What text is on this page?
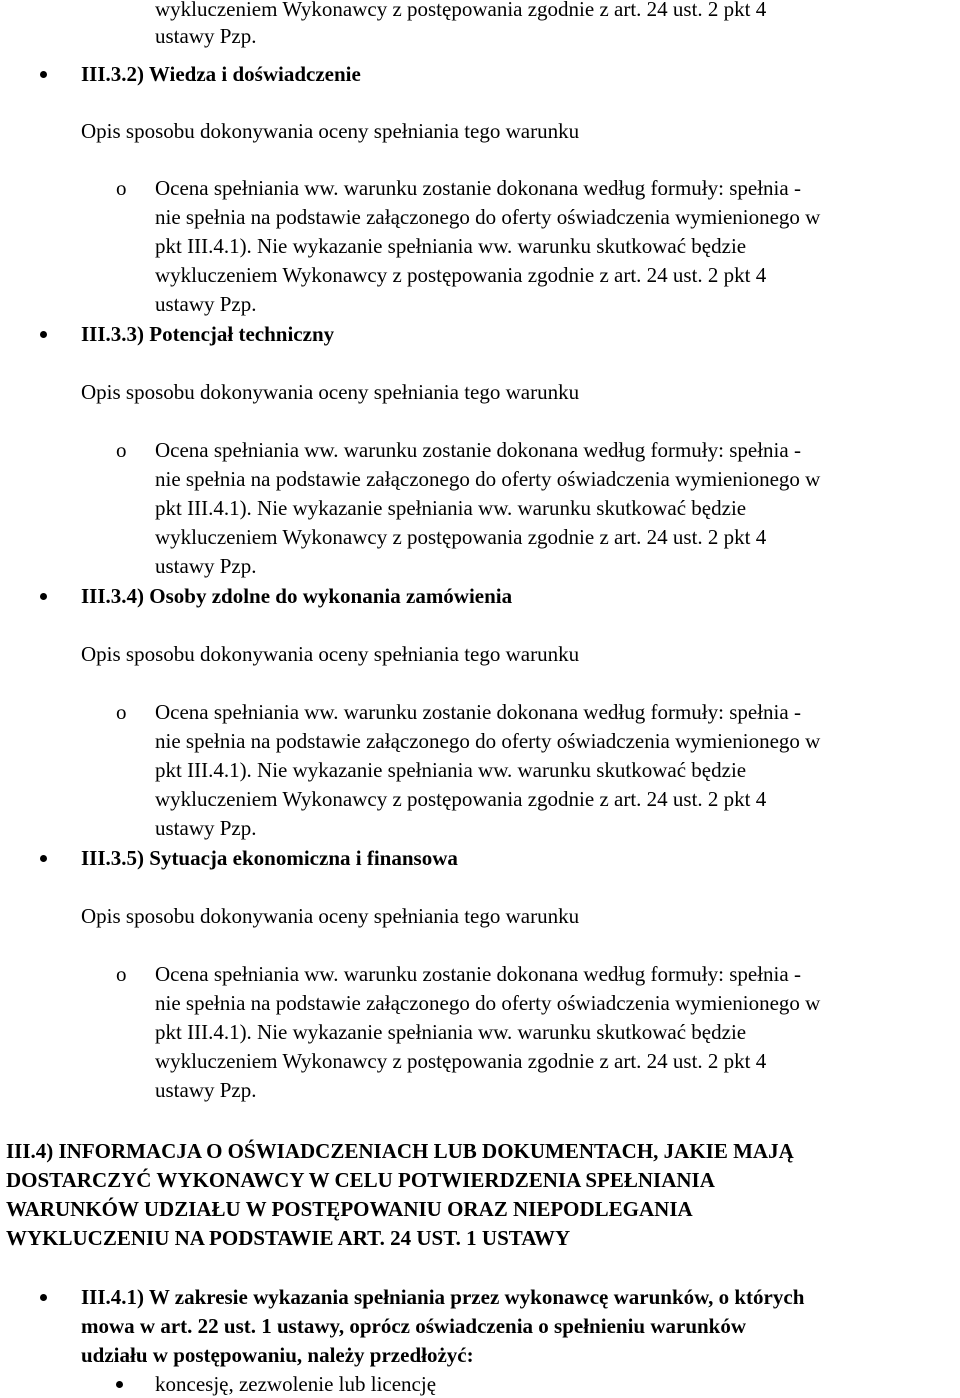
wykluczeniem Wykonawcy z postępowania zgodnie z art. 24 ust. 2 pkt 4
ustawy Pzp.
III.3.2) Wiedza i doświadczenie
Opis sposobu dokonywania oceny spełniania tego warunku
o Ocena spełniania ww. warunku zostanie dokonana według formuły: spełnia -
nie spełnia na podstawie załączonego do oferty oświadczenia wymienionego w
pkt III.4.1). Nie wykazanie spełniania ww. warunku skutkować będzie
wykluczeniem Wykonawcy z postępowania zgodnie z art. 24 ust. 2 pkt 4
ustawy Pzp.
III.3.3) Potencjał techniczny
Opis sposobu dokonywania oceny spełniania tego warunku
o Ocena spełniania ww. warunku zostanie dokonana według formuły: spełnia -
nie spełnia na podstawie załączonego do oferty oświadczenia wymienionego w
pkt III.4.1). Nie wykazanie spełniania ww. warunku skutkować będzie
wykluczeniem Wykonawcy z postępowania zgodnie z art. 24 ust. 2 pkt 4
ustawy Pzp.
III.3.4) Osoby zdolne do wykonania zamówienia
Opis sposobu dokonywania oceny spełniania tego warunku
o Ocena spełniania ww. warunku zostanie dokonana według formuły: spełnia -
nie spełnia na podstawie załączonego do oferty oświadczenia wymienionego w
pkt III.4.1). Nie wykazanie spełniania ww. warunku skutkować będzie
wykluczeniem Wykonawcy z postępowania zgodnie z art. 24 ust. 2 pkt 4
ustawy Pzp.
III.3.5) Sytuacja ekonomiczna i finansowa
Opis sposobu dokonywania oceny spełniania tego warunku
o Ocena spełniania ww. warunku zostanie dokonana według formuły: spełnia -
nie spełnia na podstawie załączonego do oferty oświadczenia wymienionego w
pkt III.4.1). Nie wykazanie spełniania ww. warunku skutkować będzie
wykluczeniem Wykonawcy z postępowania zgodnie z art. 24 ust. 2 pkt 4
ustawy Pzp.
III.4) INFORMACJA O OŚWIADCZENIACH LUB DOKUMENTACH, JAKIE MAJĄ
DOSTARCZYĆ WYKONAWCY W CELU POTWIERDZENIA SPEŁNIANIA
WARUNKÓW UDZIAŁU W POSTĘPOWANIU ORAZ NIEPODLEGANIA
WYKLUCZENIU NA PODSTAWIE ART. 24 UST. 1 USTAWY
III.4.1) W zakresie wykazania spełniania przez wykonawcę warunków, o których
mowa w art. 22 ust. 1 ustawy, oprócz oświadczenia o spełnieniu warunków
udziału w postępowaniu, należy przedłożyć:
koncesję, zezwolenie lub licencję
